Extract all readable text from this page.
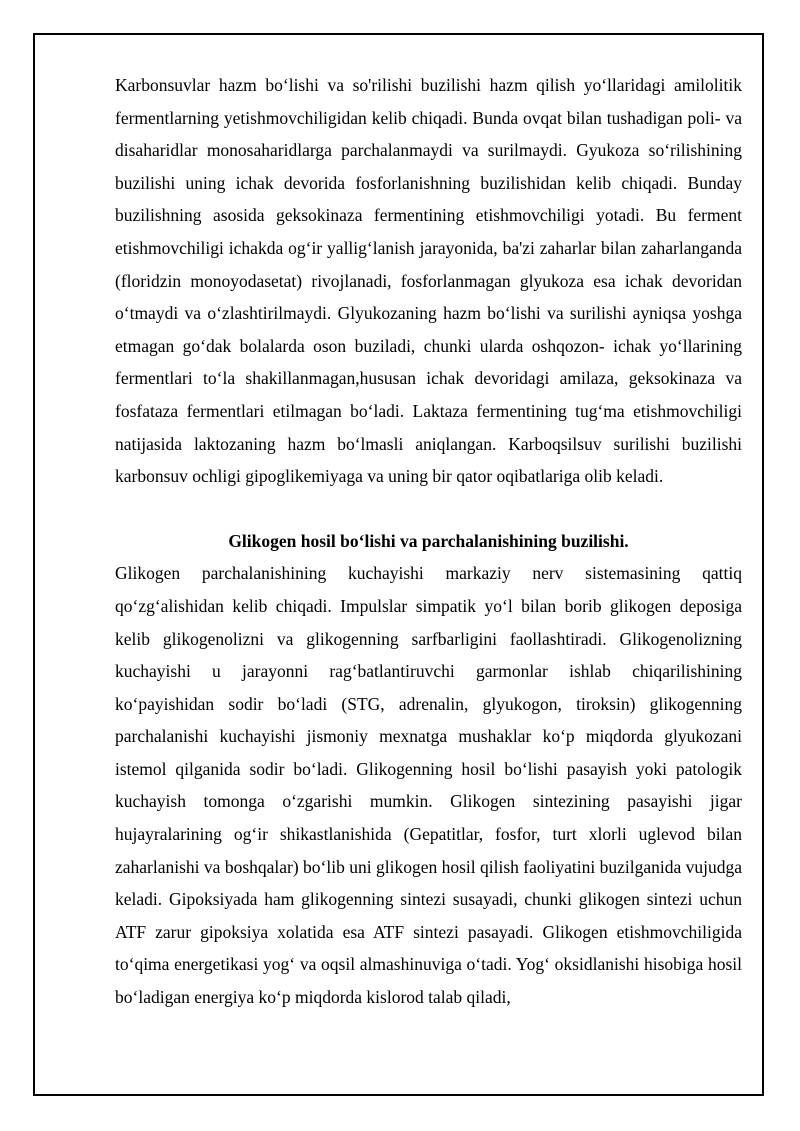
Karbonsuvlar hazm bo‘lishi va so'rilishi buzilishi hazm qilish yo‘llaridagi amilolitik fermentlarning yetishmovchiligidan kelib chiqadi. Bunda ovqat bilan tushadigan poli- va disaharidlar monosaharidlarga parchalanmaydi va surilmaydi. Gyukoza so‘rilishining buzilishi uning ichak devorida fosforlanishning buzilishidan kelib chiqadi. Bunday buzilishning asosida geksokinaza fermentining etishmovchiligi yotadi. Bu ferment etishmovchiligi ichakda og‘ir yallig‘lanish jarayonida, ba'zi zaharlar bilan zaharlanganda (floridzin monoyodasetat) rivojlanadi, fosforlanmagan glyukoza esa ichak devoridan o‘tmaydi va o‘zlashtirilmaydi. Glyukozaning hazm bo‘lishi va surilishi ayniqsa yoshga etmagan go‘dak bolalarda oson buziladi, chunki ularda oshqozon- ichak yo‘llarining fermentlari to‘la shakillanmagan,hususan ichak devoridagi amilaza, geksokinaza va fosfataza fermentlari etilmagan bo‘ladi. Laktaza fermentining tug‘ma etishmovchiligi natijasida laktozaning hazm bo‘lmasli aniqlangan. Karboqsilsuv surilishi buzilishi karbonsuv ochligi gipoglikemiyaga va uning bir qator oqibatlariga olib keladi.

Glikogen hosil bo‘lishi va parchalanishining buzilishi.

Glikogen parchalanishining kuchayishi markaziy nerv sistemasining qattiq qo‘zg‘alishidan kelib chiqadi. Impulslar simpatik yo‘l bilan borib glikogen deposiga kelib glikogenolizni va glikogenning sarfbarligini faollashtiradi. Glikogenolizning kuchayishi u jarayonni rag‘batlantiruvchi garmonlar ishlab chiqarilishining ko‘payishidan sodir bo‘ladi (STG, adrenalin, glyukogon, tiroksin) glikogenning parchalanishi kuchayishi jismoniy mexnatga mushaklar ko‘p miqdorda glyukozani istemol qilganida sodir bo‘ladi. Glikogenning hosil bo‘lishi pasayish yoki patologik kuchayish tomonga o‘zgarishi mumkin. Glikogen sintezining pasayishi jigar hujayralarining og‘ir shikastlanishida (Gepatitlar, fosfor, turt xlorli uglevod bilan zaharlanishi va boshqalar) bo‘lib uni glikogen hosil qilish faoliyatini buzilganida vujudga keladi. Gipoksiyada ham glikogenning sintezi susayadi, chunki glikogen sintezi uchun ATF zarur gipoksiya xolatida esa ATF sintezi pasayadi. Glikogen etishmovchiligida to‘qima energetikasi yog‘ va oqsil almashinuviga o‘tadi. Yog‘ oksidlanishi hisobiga hosil bo‘ladigan energiya ko‘p miqdorda kislorod talab qiladi,
